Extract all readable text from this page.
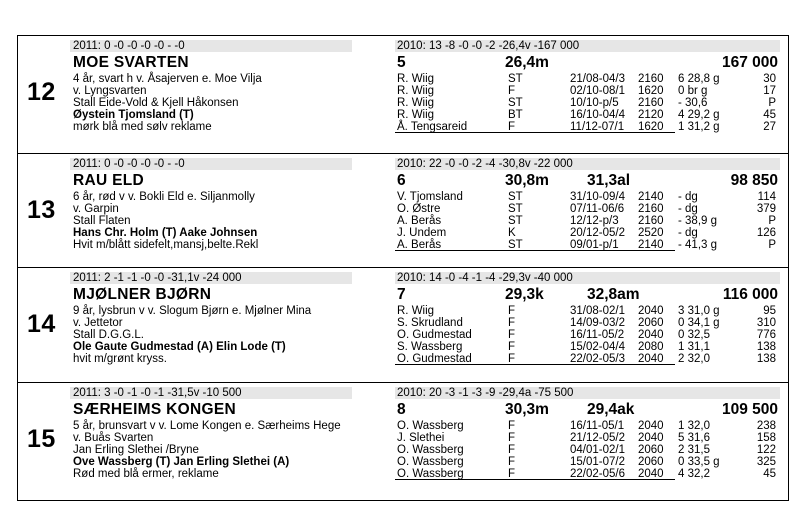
2011: 0 -0 -0 -0 -0 - -0	2010: 13 -8 -0 -0 -2 -26,4v -167 000
MOE SVARTEN	5	26,4m	167 000
12 4 år, svart h v. Åsajerven e. Moe Vilja
v. Lyngsvarten
Stall Eide-Vold & Kjell Håkonsen
Øystein Tjomsland (T)
mørk blå med sølv reklame
R. Wiig	ST	21/08-04/3 2160 6 28,8 g	30
R. Wiig	F	02/10-08/1 1620 0 br g	17
R. Wiig	ST	10/10-p/5 2160 - 30,6	P
R. Wiig	BT	16/10-04/4 2120 4 29,2 g	45
Å. Tengsareid	F	11/12-07/1 1620 1 31,2 g	27
2011: 0 -0 -0 -0 -0 - -0	2010: 22 -0 -0 -2 -4 -30,8v -22 000
RAU ELD	6	30,8m 31,3al	98 850
13 6 år, rød v v. Bokli Eld e. Siljanmolly
v. Garpin
Stall Flaten
Hans Chr. Holm (T) Aake Johnsen
Hvit m/blått sidefelt,mansj,belte.Rekl
V. Tjomsland	ST	31/10-09/4 2140 - dg	114
O. Østre	ST	07/11-06/6 2160 - dg	379
A. Berås	ST	12/12-p/3 2160 - 38,9 g	P
J. Undem	K	20/12-05/2 2520 - dg	126
A. Berås	ST	09/01-p/1 2140 - 41,3 g	P
2011: 2 -1 -1 -0 -0 -31,1v -24 000	2010: 14 -0 -4 -1 -4 -29,3v -40 000
MJØLNER BJØRN	7	29,3k	32,8am	116 000
14 9 år, lysbrun v v. Slogum Bjørn e. Mjølner Mina
v. Jettetor
Stall D.G.G.L.
Ole Gaute Gudmestad (A) Elin Lode (T)
hvit m/grønt kryss.
R. Wiig	F	31/08-02/1 2040 3 31,0 g	95
S. Skrudland	F	14/09-03/2 2060 0 34,1 g	310
O. Gudmestad	F	16/11-05/2 2040 0 32,5	776
S. Wassberg	F	15/02-04/4 2080 1 31,1	138
O. Gudmestad	F	22/02-05/3 2040 2 32,0	138
2011: 3 -0 -1 -0 -1 -31,5v -10 500	2010: 20 -3 -1 -3 -9 -29,4a -75 500
SÆRHEIMS KONGEN	8	30,3m 29,4ak	109 500
15 5 år, brunsvart v v. Lome Kongen e. Særheims Hege
v. Buås Svarten
Jan Erling Slethei /Bryne
Ove Wassberg (T) Jan Erling Slethei (A)
Rød med blå ermer, reklame
O. Wassberg	F	16/11-05/1 2040 1 32,0	238
J. Slethei	F	21/12-05/2 2040 5 31,6	158
O. Wassberg	F	04/01-02/1 2060 2 31,5	122
O. Wassberg	F	15/01-07/2 2060 0 33,5 g	325
O. Wassberg	F	22/02-05/6 2040 4 32,2	45
